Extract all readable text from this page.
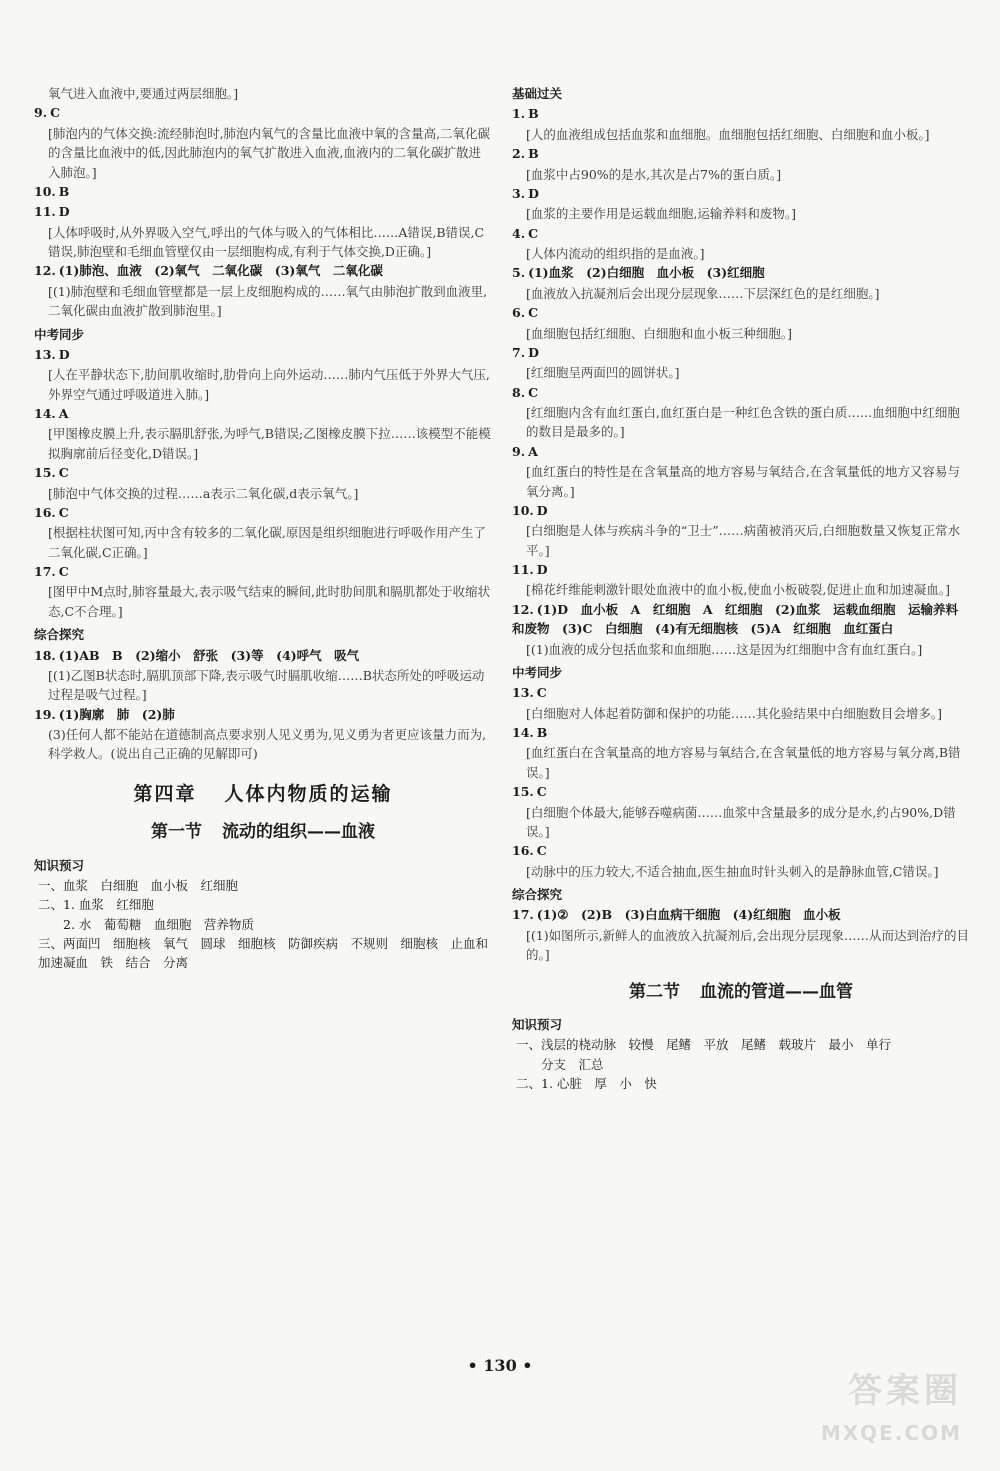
氧气进入血液中,要通过两层细胞。]
9. C
[肺泡内的气体交换:流经肺泡时,肺泡内氧气的含量比血液中氧的含量高,二氧化碳的含量比血液中的低,因此肺泡内的氧气扩散进入血液,血液内的二氧化碳扩散进入肺泡。]
10. B
11. D
[人体呼吸时,从外界吸入空气,呼出的气体与吸入的气体相比……A错误,B错误,C错误,肺泡壁和毛细血管壁仅由一层细胞构成,有利于气体交换,D正确。]
12. (1)肺泡、血液　(2)氧气　二氧化碳　(3)氧气　二氧化碳
[(1)肺泡壁和毛细血管壁都是一层上皮细胞构成的……氧气由肺泡扩散到血液里,二氧化碳由血液扩散到肺泡里。]
中考同步
13. D
[人在平静状态下,肋间肌收缩时,肋骨向上向外运动……肺内气压低于外界大气压,外界空气通过呼吸道进入肺。]
14. A
[甲图橡皮膜上升,表示膈肌舒张,为呼气,B错误;乙图橡皮膜下拉……该模型不能模拟胸廓前后径变化,D错误。]
15. C
[肺泡中气体交换的过程……a表示二氧化碳,d表示氧气。]
16. C
[根据柱状图可知,丙中含有较多的二氧化碳,原因是组织细胞进行呼吸作用产生了二氧化碳,C正确。]
17. C
[图甲中M点时,肺容量最大,表示吸气结束的瞬间,此时肋间肌和膈肌都处于收缩状态,C不合理。]
综合探究
18. (1)AB　B　(2)缩小　舒张　(3)等　(4)呼气　吸气
[(1)乙图B状态时,膈肌顶部下降,表示吸气时膈肌收缩……B状态所处的呼吸运动过程是吸气过程。]
19. (1)胸廓　肺　(2)肺
(3)任何人都不能站在道德制高点要求别人见义勇为,见义勇为者更应该量力而为,科学救人。(说出自己正确的见解即可)
第四章 人体内物质的运输
第一节 流动的组织——血液
知识预习
一、血浆　白细胞　血小板　红细胞
二、1. 血浆　红细胞
　　2. 水　葡萄糖　血细胞　营养物质
三、两面凹　细胞核　氧气　圆球　细胞核　防御疾病　不规则　细胞核　止血和加速凝血　铁　结合　分离
基础过关
1. B
[人的血液组成包括血浆和血细胞。血细胞包括红细胞、白细胞和血小板。]
2. B
[血浆中占90%的是水,其次是占7%的蛋白质。]
3. D
[血浆的主要作用是运载血细胞,运输养料和废物。]
4. C
[人体内流动的组织指的是血液。]
5. (1)血浆　(2)白细胞　血小板　(3)红细胞
[血液放入抗凝剂后会出现分层现象……下层深红色的是红细胞。]
6. C
[血细胞包括红细胞、白细胞和血小板三种细胞。]
7. D
[红细胞呈两面凹的圆饼状。]
8. C
[红细胞内含有血红蛋白,血红蛋白是一种红色含铁的蛋白质……血细胞中红细胞的数目是最多的。]
9. A
[血红蛋白的特性是在含氧量高的地方容易与氧结合,在含氧量低的地方又容易与氧分离。]
10. D
[白细胞是人体与疾病斗争的“卫士”……病菌被消灭后,白细胞数量又恢复正常水平。]
11. D
[棉花纤维能刺激针眼处血液中的血小板,使血小板破裂,促进止血和加速凝血。]
12. (1)D　血小板　A　红细胞　A　红细胞　(2)血浆　运载血细胞　运输养料和废物　(3)C　白细胞　(4)有无细胞核　(5)A　红细胞　血红蛋白
[(1)血液的成分包括血浆和血细胞……这是因为红细胞中含有血红蛋白。]
中考同步
13. C
[白细胞对人体起着防御和保护的功能……其化验结果中白细胞数目会增多。]
14. B
[血红蛋白在含氧量高的地方容易与氧结合,在含氧量低的地方容易与氧分离,B错误。]
15. C
[白细胞个体最大,能够吞噬病菌……血浆中含量最多的成分是水,约占90%,D错误。]
16. C
[动脉中的压力较大,不适合抽血,医生抽血时针头刺入的是静脉血管,C错误。]
综合探究
17. (1)②　(2)B　(3)白血病干细胞　(4)红细胞　血小板
[(1)如图所示,新鲜人的血液放入抗凝剂后,会出现分层现象……从而达到治疗的目的。]
第二节 血流的管道——血管
知识预习
一、浅层的桡动脉　较慢　尾鳍　平放　尾鳍　载玻片　最小　单行
　　分支　汇总
二、1. 心脏　厚　小　快
• 130 •
答案圈
MXQE.COM
